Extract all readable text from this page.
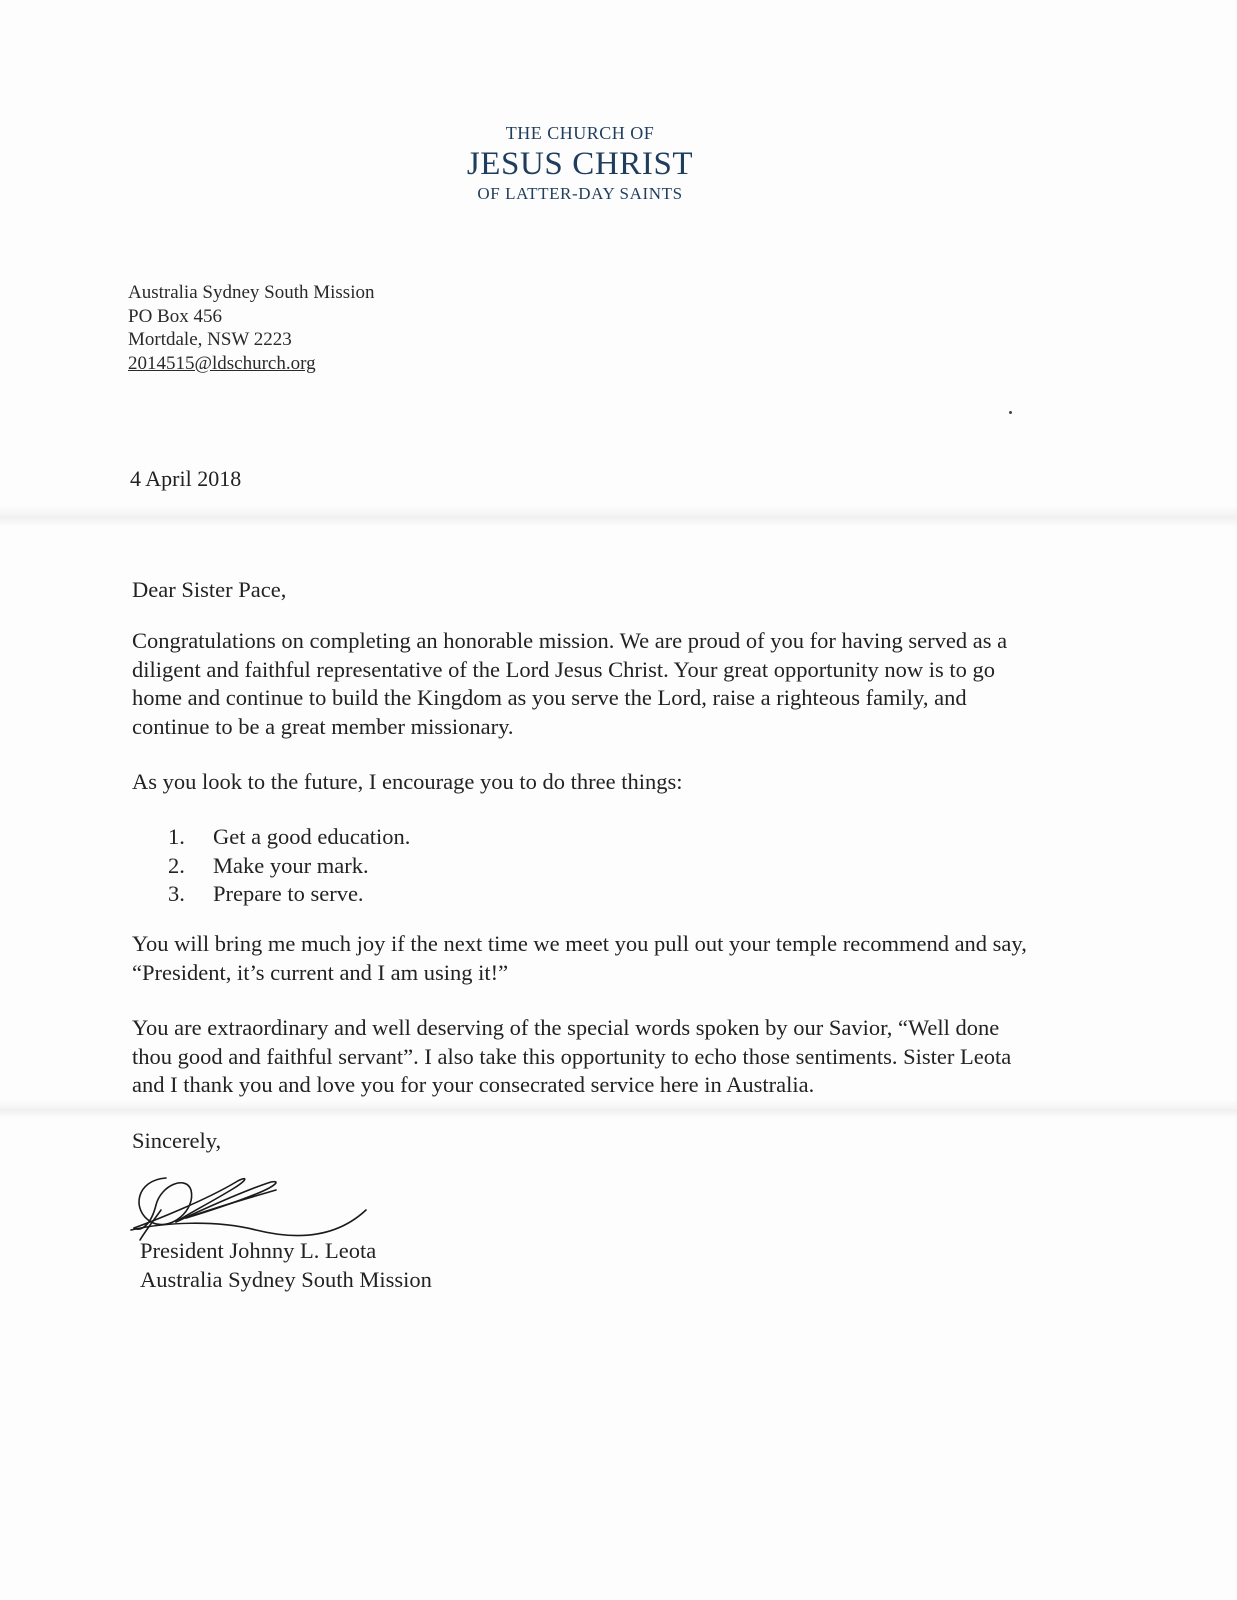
THE CHURCH OF
JESUS CHRIST
OF LATTER-DAY SAINTS
Australia Sydney South Mission
PO Box 456
Mortdale, NSW 2223
2014515@ldschurch.org
4 April 2018
Dear Sister Pace,
Congratulations on completing an honorable mission. We are proud of you for having served as a diligent and faithful representative of the Lord Jesus Christ. Your great opportunity now is to go home and continue to build the Kingdom as you serve the Lord, raise a righteous family, and continue to be a great member missionary.
As you look to the future, I encourage you to do three things:
1.	Get a good education.
2.	Make your mark.
3.	Prepare to serve.
You will bring me much joy if the next time we meet you pull out your temple recommend and say, “President, it’s current and I am using it!”
You are extraordinary and well deserving of the special words spoken by our Savior, “Well done thou good and faithful servant”. I also take this opportunity to echo those sentiments. Sister Leota and I thank you and love you for your consecrated service here in Australia.
Sincerely,
President Johnny L. Leota
Australia Sydney South Mission
